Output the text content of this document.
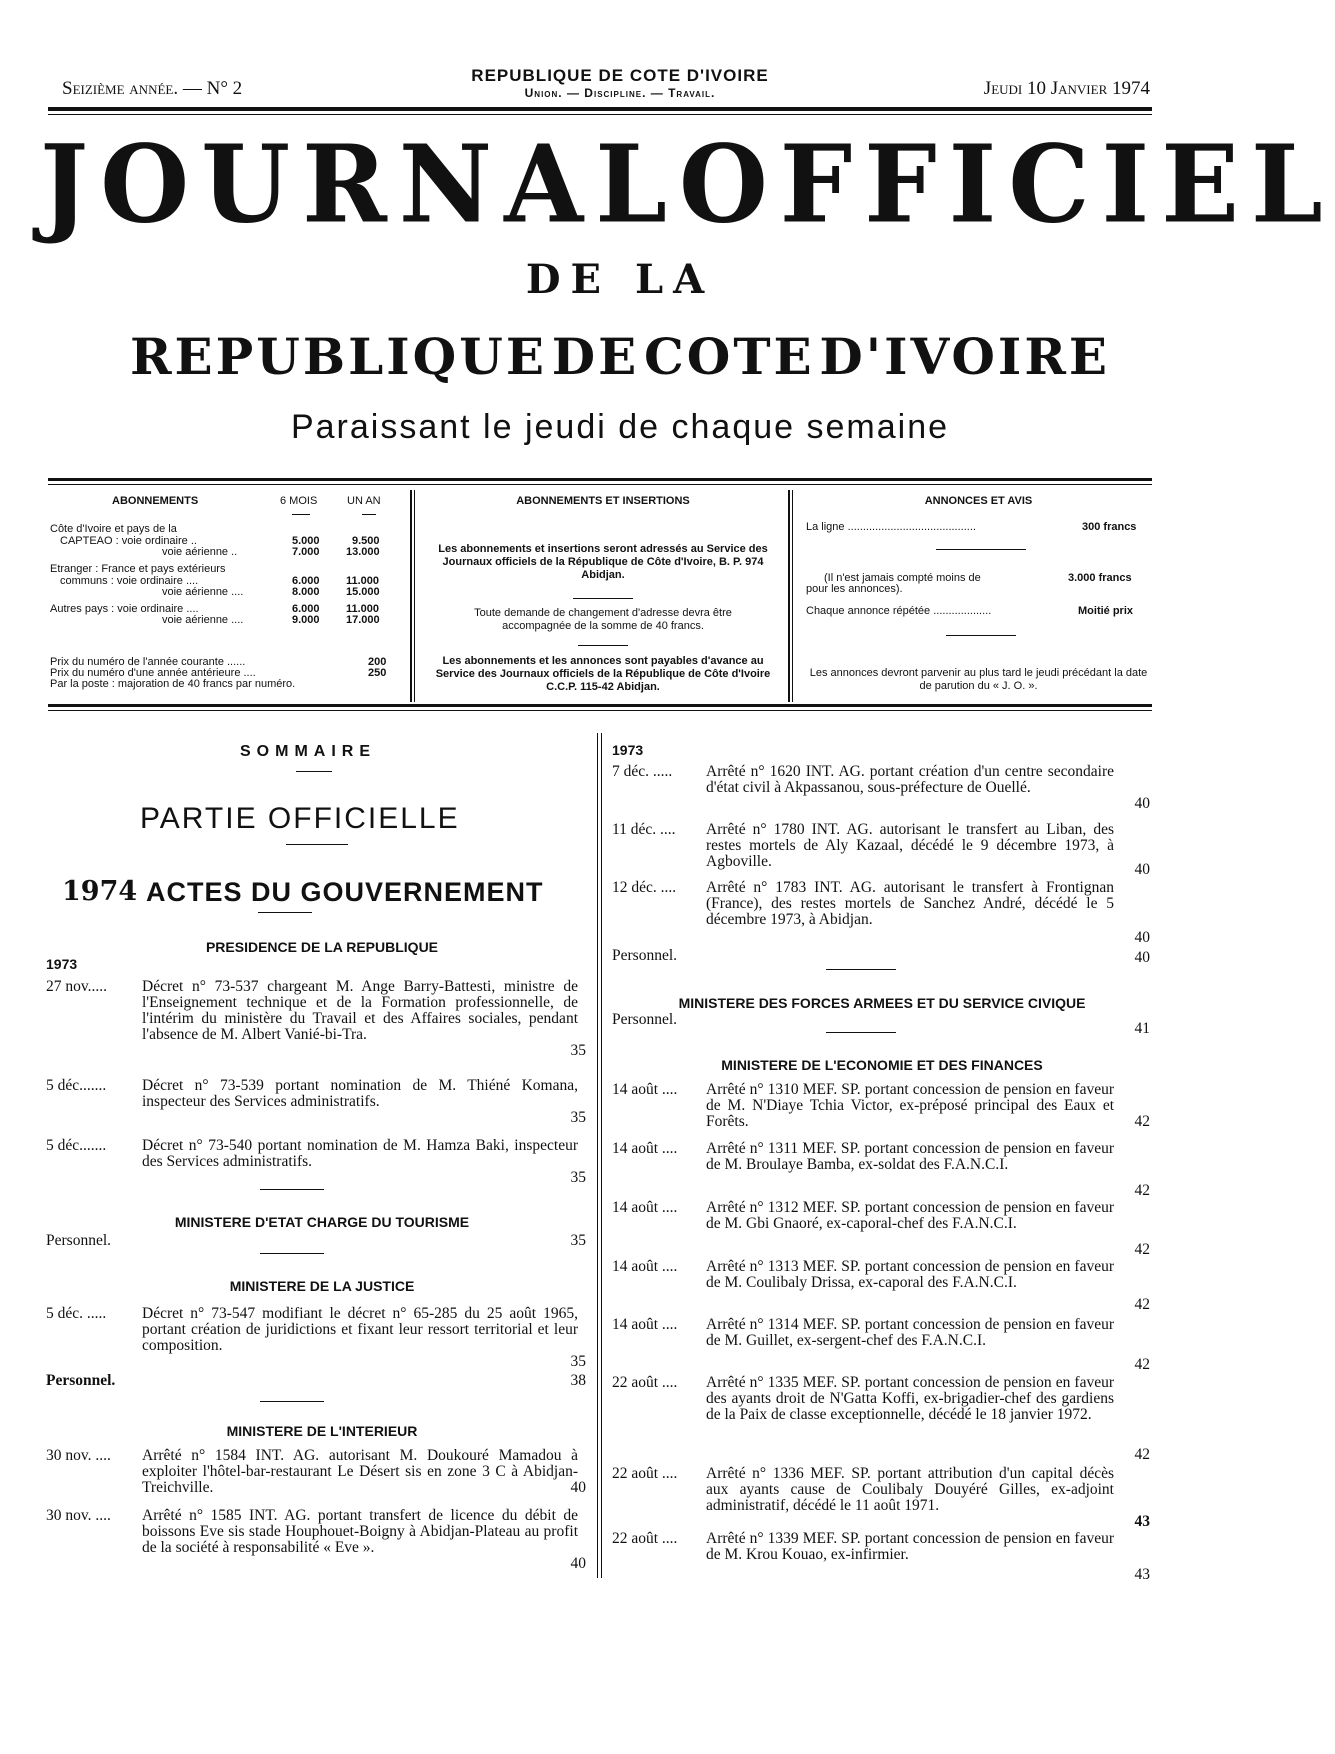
Seizième année. — N° 2
REPUBLIQUE DE COTE D'IVOIRE
Union. — Discipline. — Travail.	Jeudi 10 Janvier 1974
JOURNAL OFFICIEL
DE LA
REPUBLIQUE DE COTE D'IVOIRE
Paraissant le jeudi de chaque semaine
ABONNEMENTS	6 MOIS	UN AN
Côte d'Ivoire et pays de la
CAPTEAO : voie ordinaire ..	5.000	9.500
voie aérienne ..	7.000 13.000
Etranger : France et pays extérieurs
communs : voie ordinaire ....	6.000 11.000
voie aérienne ....	8.000 15.000
Autres pays : voie ordinaire ....	6.000 11.000
voie aérienne ....	9.000 17.000
Prix du numéro de l'année courante ......	200
Prix du numéro d'une année antérieure ....	250
Par la poste : majoration de 40 francs par numéro.
ABONNEMENTS ET INSERTIONS
Les abonnements et insertions seront adressés au Service des Journaux officiels de la République de Côte d'Ivoire, B. P. 974 Abidjan.
Toute demande de changement d'adresse devra être accompagnée de la somme de 40 francs.
Les abonnements et les annonces sont payables d'avance au Service des Journaux officiels de la République de Côte d'Ivoire C.C.P. 115-42 Abidjan.
ANNONCES ET AVIS
La ligne ..........................................	300 francs
(Il n'est jamais compté moins de	3.000 francs
pour les annonces).
Chaque annonce répétée ...................	Moitié prix
Les annonces devront parvenir au plus tard le jeudi précédant la date de parution du « J. O. ».
SOMMAIRE
PARTIE OFFICIELLE
1974 ACTES DU GOUVERNEMENT
PRESIDENCE DE LA REPUBLIQUE
1973
27 nov..... Décret n° 73-537 chargeant M. Ange Barry-Battesti, ministre de l'Enseignement technique et de la Formation professionnelle, de l'intérim du ministère du Travail et des Affaires sociales, pendant l'absence de M. Albert Vanié-bi-Tra.
35
5 déc....... Décret n° 73-539 portant nomination de M. Thiéné Komana, inspecteur des Services administratifs.
35
5 déc....... Décret n° 73-540 portant nomination de M. Hamza Baki, inspecteur des Services administratifs.
35
MINISTERE D'ETAT CHARGE DU TOURISME
Personnel.	35
MINISTERE DE LA JUSTICE
5 déc. ..... Décret n° 73-547 modifiant le décret n° 65-285 du 25 août 1965, portant création de juridictions et fixant leur ressort territorial et leur composition.
35
Personnel.	38
MINISTERE DE L'INTERIEUR
30 nov. .... Arrêté n° 1584 INT. AG. autorisant M. Doukouré Mamadou à exploiter l'hôtel-bar-restaurant Le Désert sis en zone 3 C à Abidjan-Treichville.	40
30 nov. .... Arrêté n° 1585 INT. AG. portant transfert de licence du débit de boissons Eve sis stade Houphouet-Boigny à Abidjan-Plateau au profit de la société à responsabilité « Eve ».
40
1973
7 déc. ..... Arrêté n° 1620 INT. AG. portant création d'un centre secondaire d'état civil à Akpassanou, sous-préfecture de Ouellé.
40
11 déc. .... Arrêté n° 1780 INT. AG. autorisant le transfert au Liban, des restes mortels de Aly Kazaal, décédé le 9 décembre 1973, à Agboville.	40
12 déc. .... Arrêté n° 1783 INT. AG. autorisant le transfert à Frontignan (France), des restes mortels de Sanchez André, décédé le 5 décembre 1973, à Abidjan.
40
Personnel.	40
MINISTERE DES FORCES ARMEES ET DU SERVICE CIVIQUE
Personnel.
41
MINISTERE DE L'ECONOMIE ET DES FINANCES
14 août .... Arrêté n° 1310 MEF. SP. portant concession de pension en faveur de M. N'Diaye Tchia Victor, ex-préposé principal des Eaux et Forêts.	42
14 août .... Arrêté n° 1311 MEF. SP. portant concession de pension en faveur de M. Broulaye Bamba, ex-soldat des F.A.N.C.I.
42
14 août .... Arrêté n° 1312 MEF. SP. portant concession de pension en faveur de M. Gbi Gnaoré, ex-caporal-chef des F.A.N.C.I.
42
14 août .... Arrêté n° 1313 MEF. SP. portant concession de pension en faveur de M. Coulibaly Drissa, ex-caporal des F.A.N.C.I.
42
14 août .... Arrêté n° 1314 MEF. SP. portant concession de pension en faveur de M. Guillet, ex-sergent-chef des F.A.N.C.I.
42
22 août .... Arrêté n° 1335 MEF. SP. portant concession de pension en faveur des ayants droit de N'Gatta Koffi, ex-brigadier-chef des gardiens de la Paix de classe exceptionnelle, décédé le 18 janvier 1972.
42
22 août .... Arrêté n° 1336 MEF. SP. portant attribution d'un capital décès aux ayants cause de Coulibaly Douyéré Gilles, ex-adjoint administratif, décédé le 11 août 1971.
43
22 août .... Arrêté n° 1339 MEF. SP. portant concession de pension en faveur de M. Krou Kouao, ex-infirmier.
43
